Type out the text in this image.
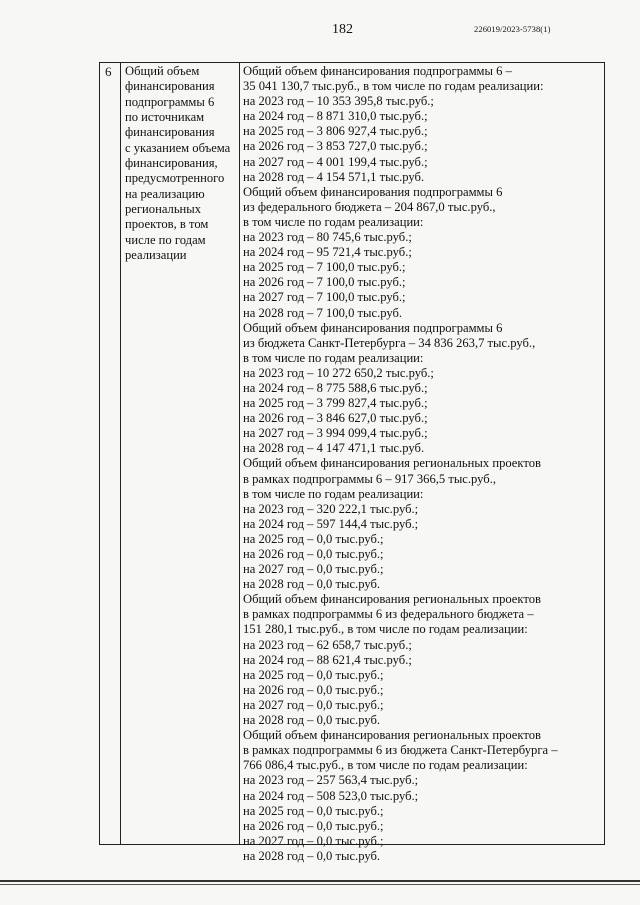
182	226019/2023-5738(1)
6 Общий объем
финансирования
подпрограммы 6
по источникам
финансирования
с указанием объема
финансирования,
предусмотренного
на реализацию
региональных
проектов, в том
числе по годам
реализации
Общий объем финансирования подпрограммы 6 –
35 041 130,7 тыс.руб., в том числе по годам реализации:
на 2023 год – 10 353 395,8 тыс.руб.;
на 2024 год – 8 871 310,0 тыс.руб.;
на 2025 год – 3 806 927,4 тыс.руб.;
на 2026 год – 3 853 727,0 тыс.руб.;
на 2027 год – 4 001 199,4 тыс.руб.;
на 2028 год – 4 154 571,1 тыс.руб.
Общий объем финансирования подпрограммы 6
из федерального бюджета – 204 867,0 тыс.руб.,
в том числе по годам реализации:
на 2023 год – 80 745,6 тыс.руб.;
на 2024 год – 95 721,4 тыс.руб.;
на 2025 год – 7 100,0 тыс.руб.;
на 2026 год – 7 100,0 тыс.руб.;
на 2027 год – 7 100,0 тыс.руб.;
на 2028 год – 7 100,0 тыс.руб.
Общий объем финансирования подпрограммы 6
из бюджета Санкт-Петербурга – 34 836 263,7 тыс.руб.,
в том числе по годам реализации:
на 2023 год – 10 272 650,2 тыс.руб.;
на 2024 год – 8 775 588,6 тыс.руб.;
на 2025 год – 3 799 827,4 тыс.руб.;
на 2026 год – 3 846 627,0 тыс.руб.;
на 2027 год – 3 994 099,4 тыс.руб.;
на 2028 год – 4 147 471,1 тыс.руб.
Общий объем финансирования региональных проектов
в рамках подпрограммы 6 – 917 366,5 тыс.руб.,
в том числе по годам реализации:
на 2023 год – 320 222,1 тыс.руб.;
на 2024 год – 597 144,4 тыс.руб.;
на 2025 год – 0,0 тыс.руб.;
на 2026 год – 0,0 тыс.руб.;
на 2027 год – 0,0 тыс.руб.;
на 2028 год – 0,0 тыс.руб.
Общий объем финансирования региональных проектов
в рамках подпрограммы 6 из федерального бюджета –
151 280,1 тыс.руб., в том числе по годам реализации:
на 2023 год – 62 658,7 тыс.руб.;
на 2024 год – 88 621,4 тыс.руб.;
на 2025 год – 0,0 тыс.руб.;
на 2026 год – 0,0 тыс.руб.;
на 2027 год – 0,0 тыс.руб.;
на 2028 год – 0,0 тыс.руб.
Общий объем финансирования региональных проектов
в рамках подпрограммы 6 из бюджета Санкт-Петербурга –
766 086,4 тыс.руб., в том числе по годам реализации:
на 2023 год – 257 563,4 тыс.руб.;
на 2024 год – 508 523,0 тыс.руб.;
на 2025 год – 0,0 тыс.руб.;
на 2026 год – 0,0 тыс.руб.;
на 2027 год – 0,0 тыс.руб.;
на 2028 год – 0,0 тыс.руб.
